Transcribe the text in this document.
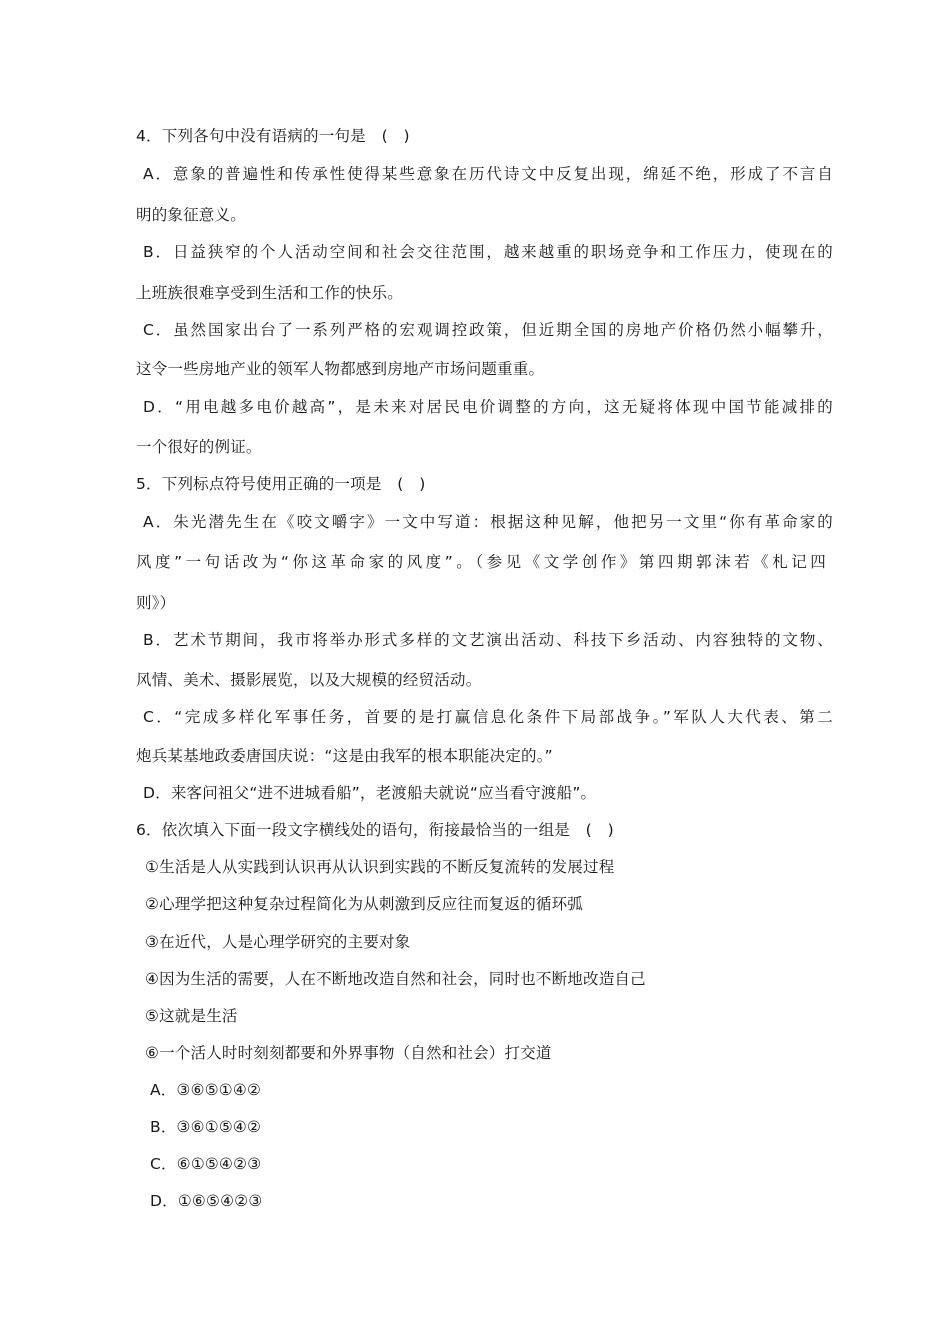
4．下列各句中没有语病的一句是　(　)
A．意象的普遍性和传承性使得某些意象在历代诗文中反复出现，绵延不绝，形成了不言自
明的象征意义。
B．日益狭窄的个人活动空间和社会交往范围，越来越重的职场竞争和工作压力，使现在的
上班族很难享受到生活和工作的快乐。
C．虽然国家出台了一系列严格的宏观调控政策，但近期全国的房地产价格仍然小幅攀升，
这令一些房地产业的领军人物都感到房地产市场问题重重。
D．“用电越多电价越高”，是未来对居民电价调整的方向，这无疑将体现中国节能减排的
一个很好的例证。
5．下列标点符号使用正确的一项是　(　)
A．朱光潜先生在《咬文嚼字》一文中写道：根据这种见解，他把另一文里“你有革命家的
风度”一句话改为“你这革命家的风度”。（参见《文学创作》第四期郭沫若《札记四
则》）
B．艺术节期间，我市将举办形式多样的文艺演出活动、科技下乡活动、内容独特的文物、
风情、美术、摄影展览，以及大规模的经贸活动。
C．“完成多样化军事任务，首要的是打赢信息化条件下局部战争。”军队人大代表、第二
炮兵某基地政委唐国庆说：“这是由我军的根本职能决定的。”
D．来客问祖父“进不进城看船”，老渡船夫就说“应当看守渡船”。
6．依次填入下面一段文字横线处的语句，衔接最恰当的一组是　(　)
①生活是人从实践到认识再从认识到实践的不断反复流转的发展过程
②心理学把这种复杂过程简化为从刺激到反应往而复返的循环弧
③在近代，人是心理学研究的主要对象
④因为生活的需要，人在不断地改造自然和社会，同时也不断地改造自己
⑤这就是生活
⑥一个活人时时刻刻都要和外界事物（自然和社会）打交道
A．③⑥⑤①④②
B．③⑥①⑤④②
C．⑥①⑤④②③
D．①⑥⑤④②③
